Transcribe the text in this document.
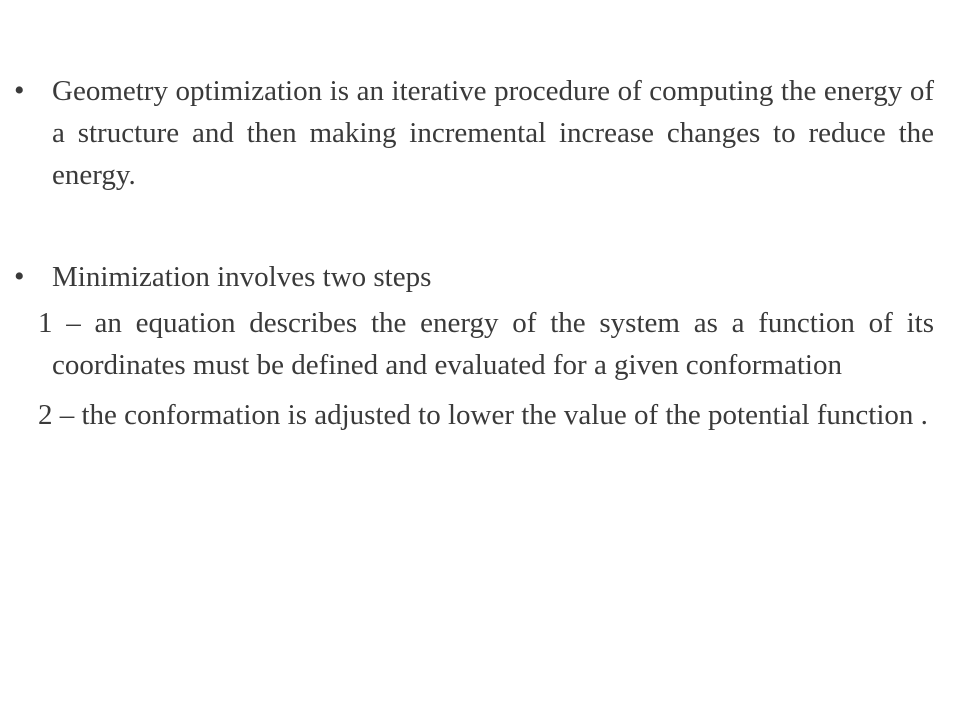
• Geometry optimization is an iterative procedure of computing the energy of a structure and then making incremental increase changes to reduce the energy.

• Minimization involves two steps

1 – an equation describes the energy of the system as a function of its coordinates must be defined and evaluated for a given conformation

2 – the conformation is adjusted to lower the value of the potential function .
